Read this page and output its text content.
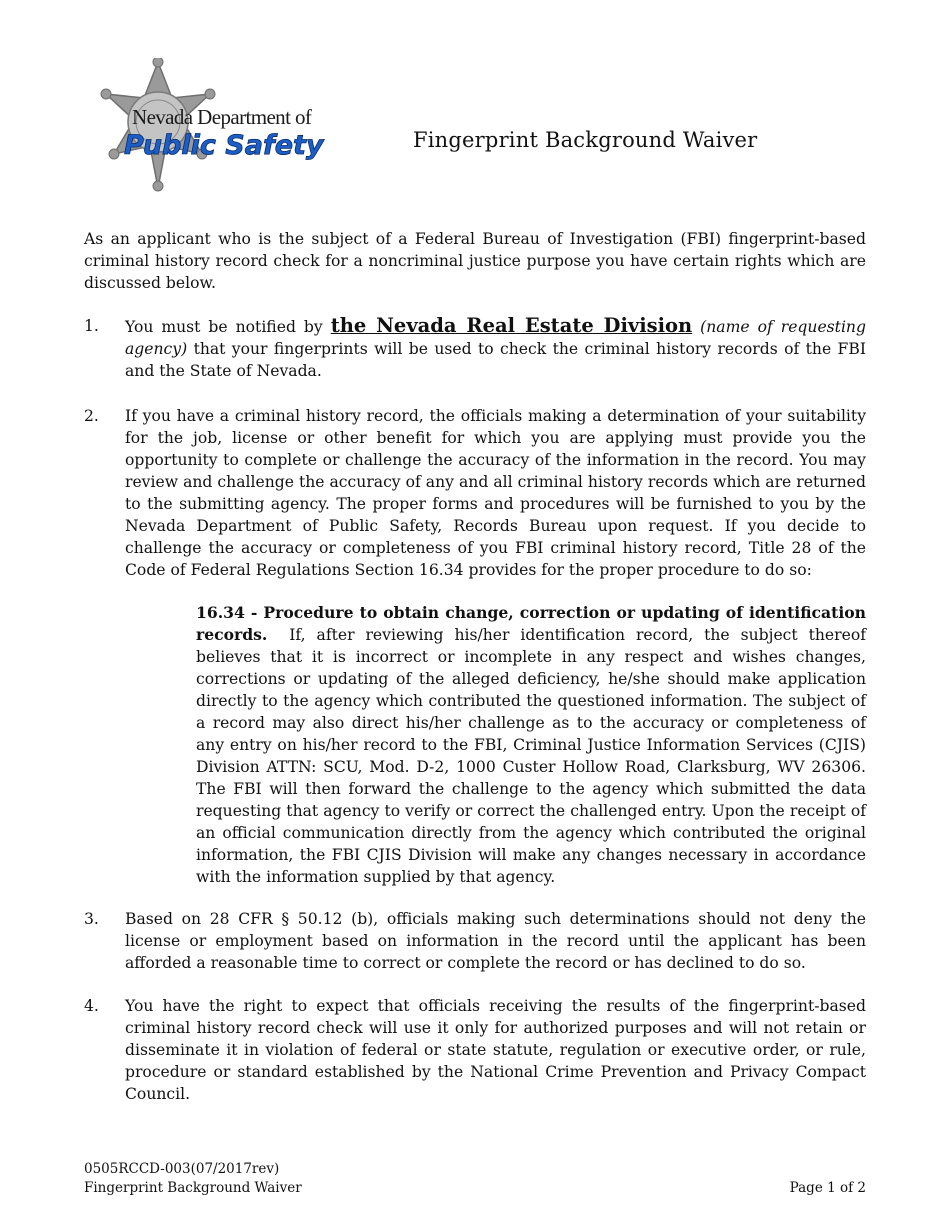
Nevada Department of
Public Safety	Fingerprint Background Waiver

As an applicant who is the subject of a Federal Bureau of Investigation (FBI) fingerprint-based criminal history record check for a noncriminal justice purpose you have certain rights which are discussed below.

1.	You must be notified by the Nevada Real Estate Division (name of requesting agency) that your fingerprints will be used to check the criminal history records of the FBI and the State of Nevada.
2.	If you have a criminal history record, the officials making a determination of your suitability for the job, license or other benefit for which you are applying must provide you the opportunity to complete or challenge the accuracy of the information in the record. You may review and challenge the accuracy of any and all criminal history records which are returned to the submitting agency. The proper forms and procedures will be furnished to you by the Nevada Department of Public Safety, Records Bureau upon request. If you decide to challenge the accuracy or completeness of you FBI criminal history record, Title 28 of the Code of Federal Regulations Section 16.34 provides for the proper procedure to do so:
16.34 - Procedure to obtain change, correction or updating of identification records. If, after reviewing his/her identification record, the subject thereof believes that it is incorrect or incomplete in any respect and wishes changes, corrections or updating of the alleged deficiency, he/she should make application directly to the agency which contributed the questioned information. The subject of a record may also direct his/her challenge as to the accuracy or completeness of any entry on his/her record to the FBI, Criminal Justice Information Services (CJIS) Division ATTN: SCU, Mod. D-2, 1000 Custer Hollow Road, Clarksburg, WV 26306. The FBI will then forward the challenge to the agency which submitted the data requesting that agency to verify or correct the challenged entry. Upon the receipt of an official communication directly from the agency which contributed the original information, the FBI CJIS Division will make any changes necessary in accordance with the information supplied by that agency.
3.	Based on 28 CFR § 50.12 (b), officials making such determinations should not deny the license or employment based on information in the record until the applicant has been afforded a reasonable time to correct or complete the record or has declined to do so.
4.	You have the right to expect that officials receiving the results of the fingerprint-based criminal history record check will use it only for authorized purposes and will not retain or disseminate it in violation of federal or state statute, regulation or executive order, or rule, procedure or standard established by the National Crime Prevention and Privacy Compact Council.
0505RCCD-003(07/2017rev)
Fingerprint Background Waiver	Page 1 of 2
